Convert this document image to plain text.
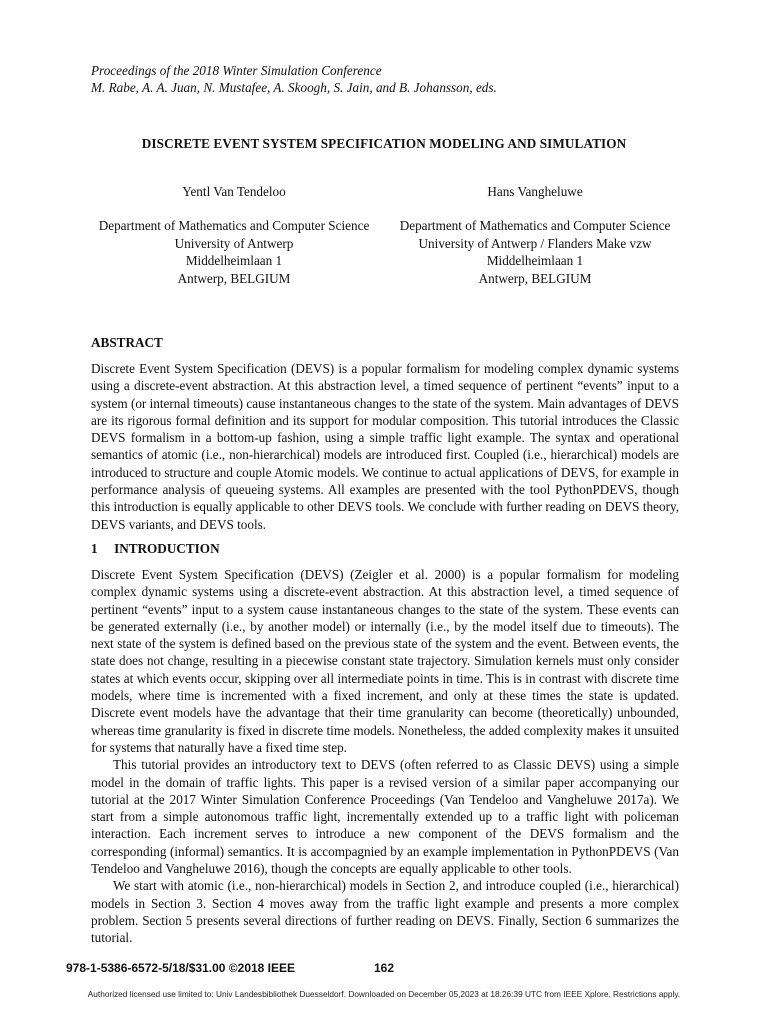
Proceedings of the 2018 Winter Simulation Conference
M. Rabe, A. A. Juan, N. Mustafee, A. Skoogh, S. Jain, and B. Johansson, eds.
DISCRETE EVENT SYSTEM SPECIFICATION MODELING AND SIMULATION
Yentl Van Tendeloo	Hans Vangheluwe
Department of Mathematics and Computer Science
University of Antwerp
Middelheimlaan 1
Antwerp, BELGIUM
Department of Mathematics and Computer Science
University of Antwerp / Flanders Make vzw
Middelheimlaan 1
Antwerp, BELGIUM
ABSTRACT

Discrete Event System Specification (DEVS) is a popular formalism for modeling complex dynamic systems using a discrete-event abstraction. At this abstraction level, a timed sequence of pertinent “events” input to a system (or internal timeouts) cause instantaneous changes to the state of the system. Main advantages of DEVS are its rigorous formal definition and its support for modular composition. This tutorial introduces the Classic DEVS formalism in a bottom-up fashion, using a simple traffic light example. The syntax and operational semantics of atomic (i.e., non-hierarchical) models are introduced first. Coupled (i.e., hierarchical) models are introduced to structure and couple Atomic models. We continue to actual applications of DEVS, for example in performance analysis of queueing systems. All examples are presented with the tool PythonPDEVS, though this introduction is equally applicable to other DEVS tools. We conclude with further reading on DEVS theory, DEVS variants, and DEVS tools.

1     INTRODUCTION

Discrete Event System Specification (DEVS) (Zeigler et al. 2000) is a popular formalism for modeling complex dynamic systems using a discrete-event abstraction. At this abstraction level, a timed sequence of pertinent “events” input to a system cause instantaneous changes to the state of the system. These events can be generated externally (i.e., by another model) or internally (i.e., by the model itself due to timeouts). The next state of the system is defined based on the previous state of the system and the event. Between events, the state does not change, resulting in a piecewise constant state trajectory. Simulation kernels must only consider states at which events occur, skipping over all intermediate points in time. This is in contrast with discrete time models, where time is incremented with a fixed increment, and only at these times the state is updated. Discrete event models have the advantage that their time granularity can become (theoretically) unbounded, whereas time granularity is fixed in discrete time models. Nonetheless, the added complexity makes it unsuited for systems that naturally have a fixed time step.

This tutorial provides an introductory text to DEVS (often referred to as Classic DEVS) using a simple model in the domain of traffic lights. This paper is a revised version of a similar paper accompanying our tutorial at the 2017 Winter Simulation Conference Proceedings (Van Tendeloo and Vangheluwe 2017a). We start from a simple autonomous traffic light, incrementally extended up to a traffic light with policeman interaction. Each increment serves to introduce a new component of the DEVS formalism and the corresponding (informal) semantics. It is accompagnied by an example implementation in PythonPDEVS (Van Tendeloo and Vangheluwe 2016), though the concepts are equally applicable to other tools.

We start with atomic (i.e., non-hierarchical) models in Section 2, and introduce coupled (i.e., hierarchical) models in Section 3. Section 4 moves away from the traffic light example and presents a more complex problem. Section 5 presents several directions of further reading on DEVS. Finally, Section 6 summarizes the tutorial.

978-1-5386-6572-5/18/$31.00 ©2018 IEEE	162
Authorized licensed use limited to: Univ Landesbibliothek Duesseldorf. Downloaded on December 05,2023 at 18:26:39 UTC from IEEE Xplore. Restrictions apply.
